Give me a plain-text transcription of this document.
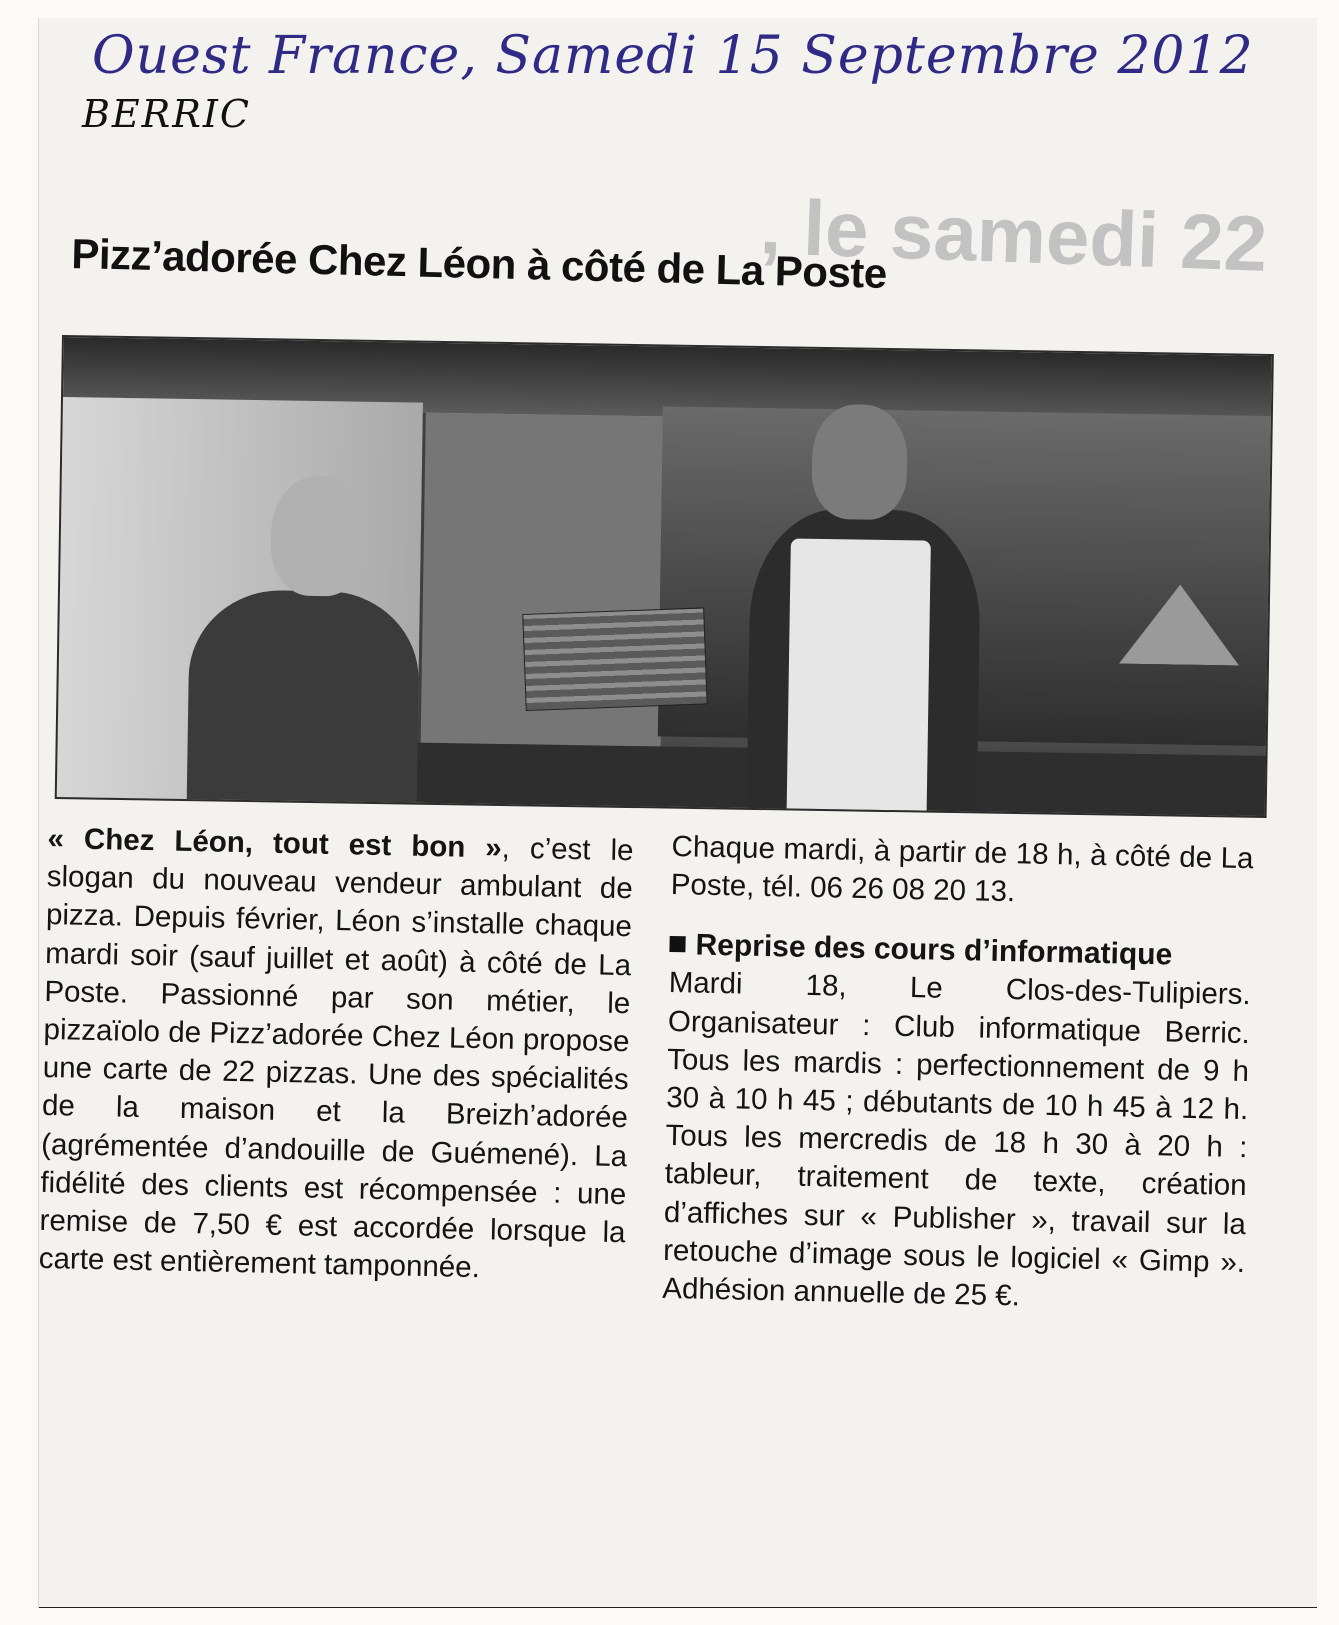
Ouest France, Samedi 15 Septembre 2012
BERRIC
, le samedi 22
Pizz’adorée Chez Léon à côté de La Poste

« Chez Léon, tout est bon », c’est le slogan du nouveau vendeur ambulant de pizza. Depuis février, Léon s’installe chaque mardi soir (sauf juillet et août) à côté de La Poste. Passionné par son métier, le pizzaïolo de Pizz’adorée Chez Léon propose une carte de 22 pizzas. Une des spécialités de la maison et la Breizh’adorée (agrémentée d’andouille de Guémené). La fidélité des clients est récompensée : une remise de 7,50 € est accordée lorsque la carte est entièrement tamponnée.

Chaque mardi, à partir de 18 h, à côté de La Poste, tél. 06 26 08 20 13.

Reprise des cours d’informatique

Mardi 18, Le Clos-des-Tulipiers. Organisateur : Club informatique Berric. Tous les mardis : perfectionnement de 9 h 30 à 10 h 45 ; débutants de 10 h 45 à 12 h. Tous les mercredis de 18 h 30 à 20 h : tableur, traitement de texte, création d’affiches sur « Publisher », travail sur la retouche d’image sous le logiciel « Gimp ». Adhésion annuelle de 25 €.
